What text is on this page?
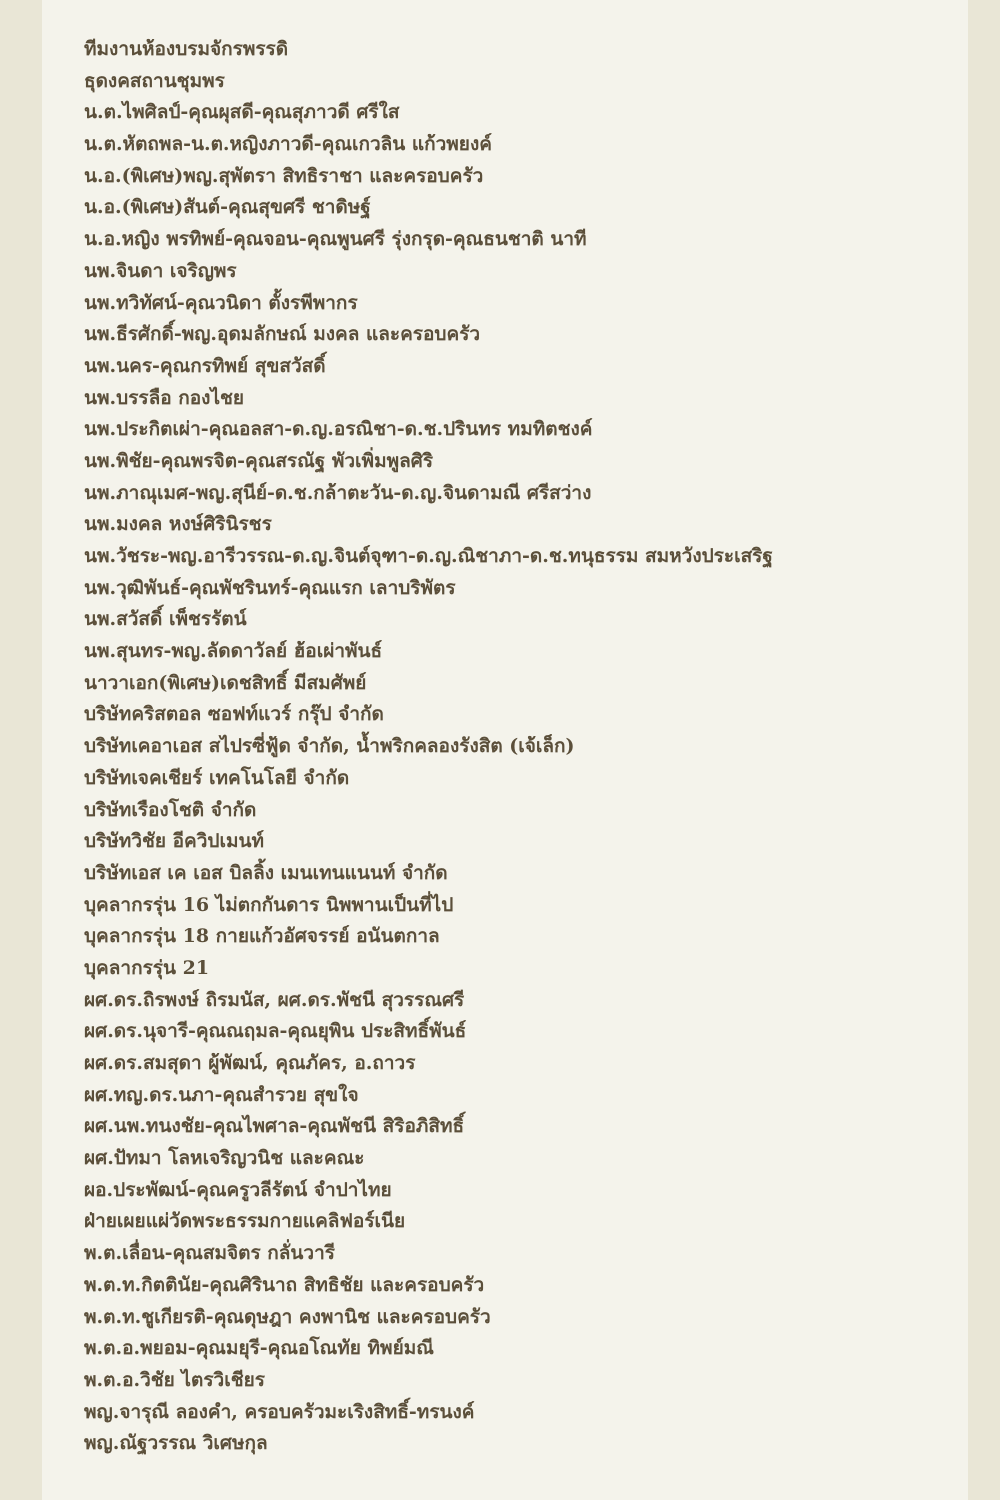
ทีมงานห้องบรมจักรพรรดิ
ธุดงคสถานชุมพร
น.ต.ไพศิลป์-คุณผุสดี-คุณสุภาวดี ศรีใส
น.ต.หัตถพล-น.ต.หญิงภาวดี-คุณเกวลิน แก้วพยงค์
น.อ.(พิเศษ)พญ.สุพัตรา สิทธิราชา และครอบครัว
น.อ.(พิเศษ)สันต์-คุณสุขศรี ชาดิษฐ์
น.อ.หญิง พรทิพย์-คุณจอน-คุณพูนศรี รุ่งกรุด-คุณธนชาติ นาที
นพ.จินดา เจริญพร
นพ.ทวิทัศน์-คุณวนิดา ตั้งรพีพากร
นพ.ธีรศักดิ์-พญ.อุดมลักษณ์ มงคล และครอบครัว
นพ.นคร-คุณกรทิพย์ สุขสวัสดิ์
นพ.บรรลือ กองไชย
นพ.ประกิตเผ่า-คุณอลสา-ด.ญ.อรณิชา-ด.ช.ปรินทร ทมทิตชงค์
นพ.พิชัย-คุณพรจิต-คุณสรณัฐ พัวเพิ่มพูลศิริ
นพ.ภาณุเมศ-พญ.สุนีย์-ด.ช.กล้าตะวัน-ด.ญ.จินดามณี ศรีสว่าง
นพ.มงคล หงษ์ศิรินิรชร
นพ.วัชระ-พญ.อารีวรรณ-ด.ญ.จินต์จุฑา-ด.ญ.ณิชาภา-ด.ช.ทนุธรรม สมหวังประเสริฐ
นพ.วุฒิพันธ์-คุณพัชรินทร์-คุณแรก เลาบริพัตร
นพ.สวัสดิ์ เพ็ชรรัตน์
นพ.สุนทร-พญ.ลัดดาวัลย์ ฮ้อเผ่าพันธ์
นาวาเอก(พิเศษ)เดชสิทธิ์ มีสมศัพย์
บริษัทคริสตอล ซอฟท์แวร์ กรุ๊ป จำกัด
บริษัทเคอาเอส สไปรซี่ฟู้ด จำกัด, น้ำพริกคลองรังสิต (เจ้เล็ก)
บริษัทเจคเชียร์ เทคโนโลยี จำกัด
บริษัทเรืองโชติ จำกัด
บริษัทวิชัย อีควิปเมนท์
บริษัทเอส เค เอส บิลลิ้ง เมนเทนแนนท์ จำกัด
บุคลากรรุ่น 16 ไม่ตกกันดาร นิพพานเป็นที่ไป
บุคลากรรุ่น 18 กายแก้วอัศจรรย์ อนันตกาล
บุคลากรรุ่น 21
ผศ.ดร.ถิรพงษ์ ถิรมนัส, ผศ.ดร.พัชนี สุวรรณศรี
ผศ.ดร.นุจารี-คุณณฤมล-คุณยุพิน ประสิทธิ์พันธ์
ผศ.ดร.สมสุดา ผู้พัฒน์, คุณภัคร, อ.ถาวร
ผศ.ทญ.ดร.นภา-คุณสำรวย สุขใจ
ผศ.นพ.ทนงชัย-คุณไพศาล-คุณพัชนี สิริอภิสิทธิ์
ผศ.ปัทมา โลหเจริญวนิช และคณะ
ผอ.ประพัฒน์-คุณครูวลีรัตน์ จำปาไทย
ฝ่ายเผยแผ่วัดพระธรรมกายแคลิฟอร์เนีย
พ.ต.เลื่อน-คุณสมจิตร กลั่นวารี
พ.ต.ท.กิตตินัย-คุณศิรินาถ สิทธิชัย และครอบครัว
พ.ต.ท.ชูเกียรติ-คุณดุษฎา คงพานิช และครอบครัว
พ.ต.อ.พยอม-คุณมยุรี-คุณอโณทัย ทิพย์มณี
พ.ต.อ.วิชัย ไตรวิเชียร
พญ.จารุณี ลองคำ, ครอบครัวมะเริงสิทธิ์-ทรนงค์
พญ.ณัฐวรรณ วิเศษกุล
